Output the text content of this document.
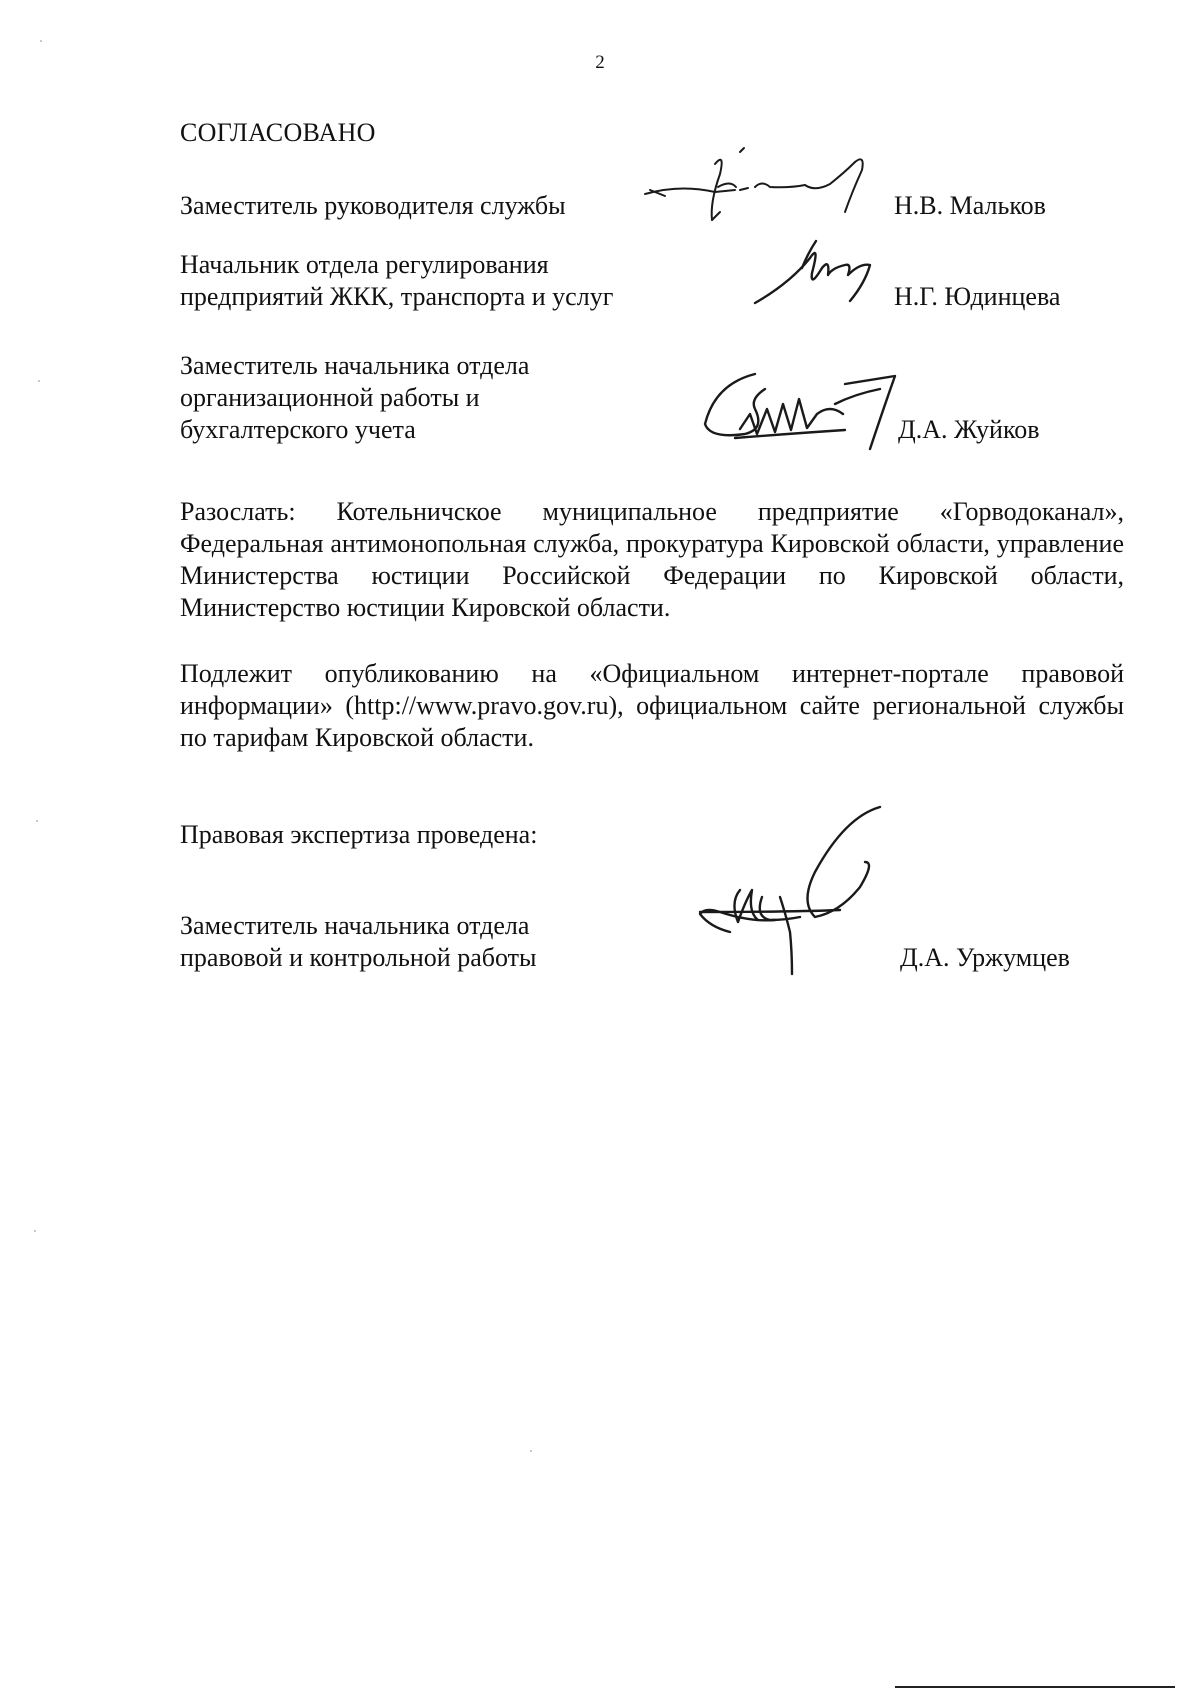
2
СОГЛАСОВАНО
Заместитель руководителя службы	Н.В. Мальков
Начальник отдела регулирования
предприятий ЖКК, транспорта и услуг	Н.Г. Юдинцева
Заместитель начальника отдела
организационной работы и
бухгалтерского учета	Д.А. Жуйков
Разослать: Котельничское муниципальное предприятие «Горводоканал», Федеральная антимонопольная служба, прокуратура Кировской области, управление Министерства юстиции Российской Федерации по Кировской области, Министерство юстиции Кировской области.
Подлежит опубликованию на «Официальном интернет-портале правовой информации» (http://www.pravo.gov.ru), официальном сайте региональной службы по тарифам Кировской области.
Правовая экспертиза проведена:
Заместитель начальника отдела
правовой и контрольной работы	Д.А. Уржумцев
